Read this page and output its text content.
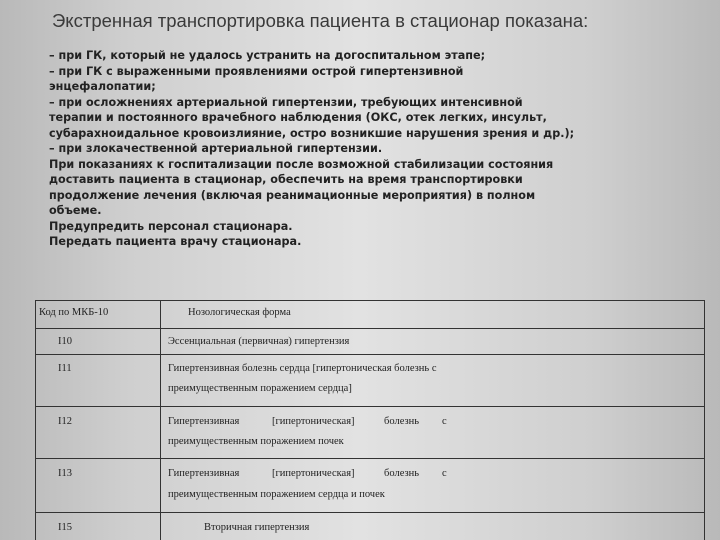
Экстренная транспортировка пациента в стационар показана:
– при ГК, который не удалось устранить на догоспитальном этапе;
– при ГК с выраженными проявлениями острой гипертензивной
энцефалопатии;
– при осложнениях артериальной гипертензии, требующих интенсивной
терапии и постоянного врачебного наблюдения (ОКС, отек легких, инсульт,
субарахноидальное кровоизлияние, остро возникшие нарушения зрения и др.);
– при злокачественной артериальной гипертензии.
При показаниях к госпитализации после возможной стабилизации состояния
доставить пациента в стационар, обеспечить на время транспортировки
продолжение лечения (включая реанимационные мероприятия) в полном
объеме.
Предупредить персонал стационара.
Передать пациента врачу стационара.
Код по МКБ-10	Нозологическая форма
I10	Эссенциальная (первичная) гипертензия
I11	Гипертензивная болезнь сердца [гипертоническая болезнь с
преимущественным поражением сердца]
I12	Гипертензивная	[гипертоническая]	болезнь с
преимущественным поражением почек
I13	Гипертензивная	[гипертоническая]	болезнь с
преимущественным поражением сердца и почек
I15	Вторичная гипертензия
